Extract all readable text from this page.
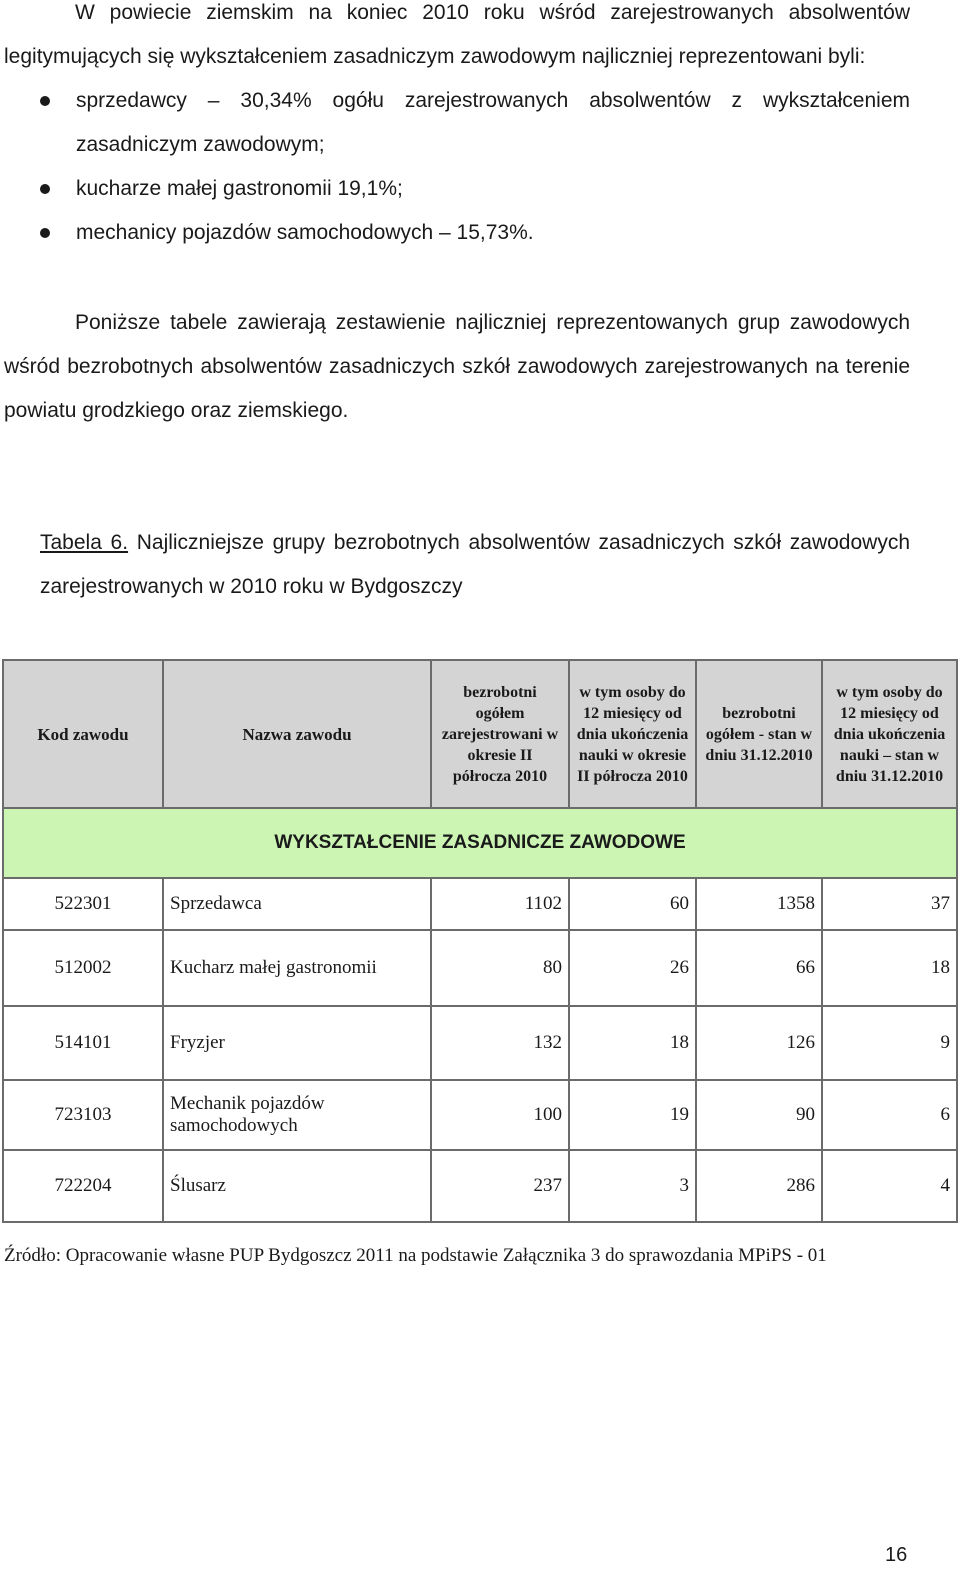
W powiecie ziemskim na koniec 2010 roku wśród zarejestrowanych absolwentów legitymujących się wykształceniem zasadniczym zawodowym najliczniej reprezentowani byli:
sprzedawcy – 30,34% ogółu zarejestrowanych absolwentów z wykształceniem zasadniczym zawodowym;
kucharze małej gastronomii 19,1%;
mechanicy pojazdów samochodowych – 15,73%.
Poniższe tabele zawierają zestawienie najliczniej reprezentowanych grup zawodowych wśród bezrobotnych absolwentów zasadniczych szkół zawodowych zarejestrowanych na terenie powiatu grodzkiego oraz ziemskiego.
Tabela 6. Najliczniejsze grupy bezrobotnych absolwentów zasadniczych szkół zawodowych zarejestrowanych w 2010 roku w Bydgoszczy
Kod zawodu	Nazwa zawodu	bezrobotni ogółem zarejestrowani w okresie II półrocza 2010	w tym osoby do 12 miesięcy od dnia ukończenia nauki w okresie II półrocza 2010	bezrobotni ogółem - stan w dniu 31.12.2010	w tym osoby do 12 miesięcy od dnia ukończenia nauki – stan w dniu 31.12.2010
WYKSZTAŁCENIE ZASADNICZE ZAWODOWE					
522301	Sprzedawca	1102	60	1358	37
512002	Kucharz małej gastronomii	80	26	66	18
514101	Fryzjer	132	18	126	9
723103	Mechanik pojazdów samochodowych	100	19	90	6
722204	Ślusarz	237	3	286	4
Źródło: Opracowanie własne PUP Bydgoszcz 2011 na podstawie Załącznika 3 do sprawozdania MPiPS - 01
16
